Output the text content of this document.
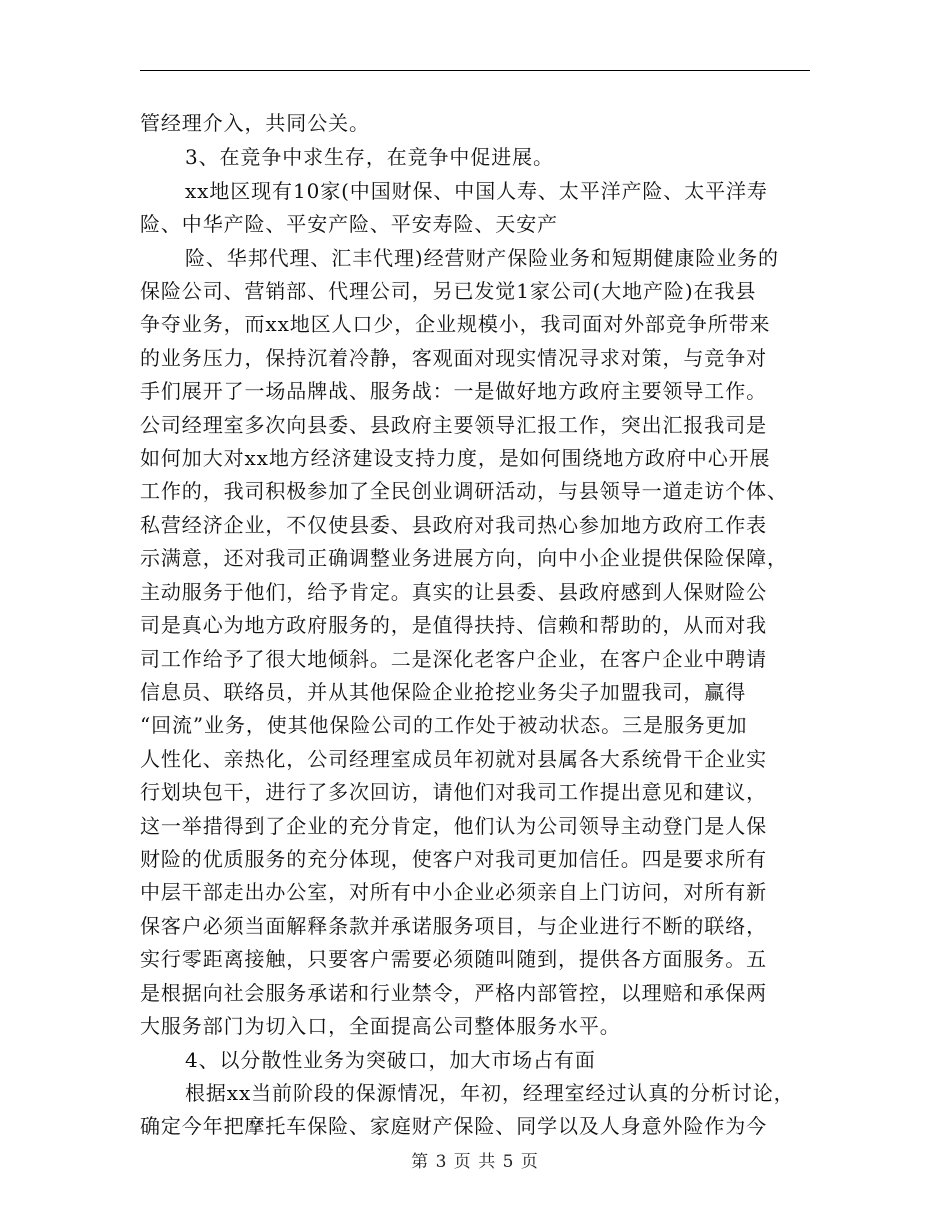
管经理介入，共同公关。
3、在竞争中求生存，在竞争中促进展。
xx地区现有10家(中国财保、中国人寿、太平洋产险、太平洋寿
险、中华产险、平安产险、平安寿险、天安产
险、华邦代理、汇丰代理)经营财产保险业务和短期健康险业务的
保险公司、营销部、代理公司，另已发觉1家公司(大地产险)在我县
争夺业务，而xx地区人口少，企业规模小，我司面对外部竞争所带来
的业务压力，保持沉着冷静，客观面对现实情况寻求对策，与竞争对
手们展开了一场品牌战、服务战：一是做好地方政府主要领导工作。
公司经理室多次向县委、县政府主要领导汇报工作，突出汇报我司是
如何加大对xx地方经济建设支持力度，是如何围绕地方政府中心开展
工作的，我司积极参加了全民创业调研活动，与县领导一道走访个体、
私营经济企业，不仅使县委、县政府对我司热心参加地方政府工作表
示满意，还对我司正确调整业务进展方向，向中小企业提供保险保障，
主动服务于他们，给予肯定。真实的让县委、县政府感到人保财险公
司是真心为地方政府服务的，是值得扶持、信赖和帮助的，从而对我
司工作给予了很大地倾斜。二是深化老客户企业，在客户企业中聘请
信息员、联络员，并从其他保险企业抢挖业务尖子加盟我司，赢得
“回流”业务，使其他保险公司的工作处于被动状态。三是服务更加
人性化、亲热化，公司经理室成员年初就对县属各大系统骨干企业实
行划块包干，进行了多次回访，请他们对我司工作提出意见和建议，
这一举措得到了企业的充分肯定，他们认为公司领导主动登门是人保
财险的优质服务的充分体现，使客户对我司更加信任。四是要求所有
中层干部走出办公室，对所有中小企业必须亲自上门访问，对所有新
保客户必须当面解释条款并承诺服务项目，与企业进行不断的联络，
实行零距离接触，只要客户需要必须随叫随到，提供各方面服务。五
是根据向社会服务承诺和行业禁令，严格内部管控，以理赔和承保两
大服务部门为切入口，全面提高公司整体服务水平。
4、以分散性业务为突破口，加大市场占有面
根据xx当前阶段的保源情况，年初，经理室经过认真的分析讨论，
确定今年把摩托车保险、家庭财产保险、同学以及人身意外险作为今
第 3 页 共 5 页
